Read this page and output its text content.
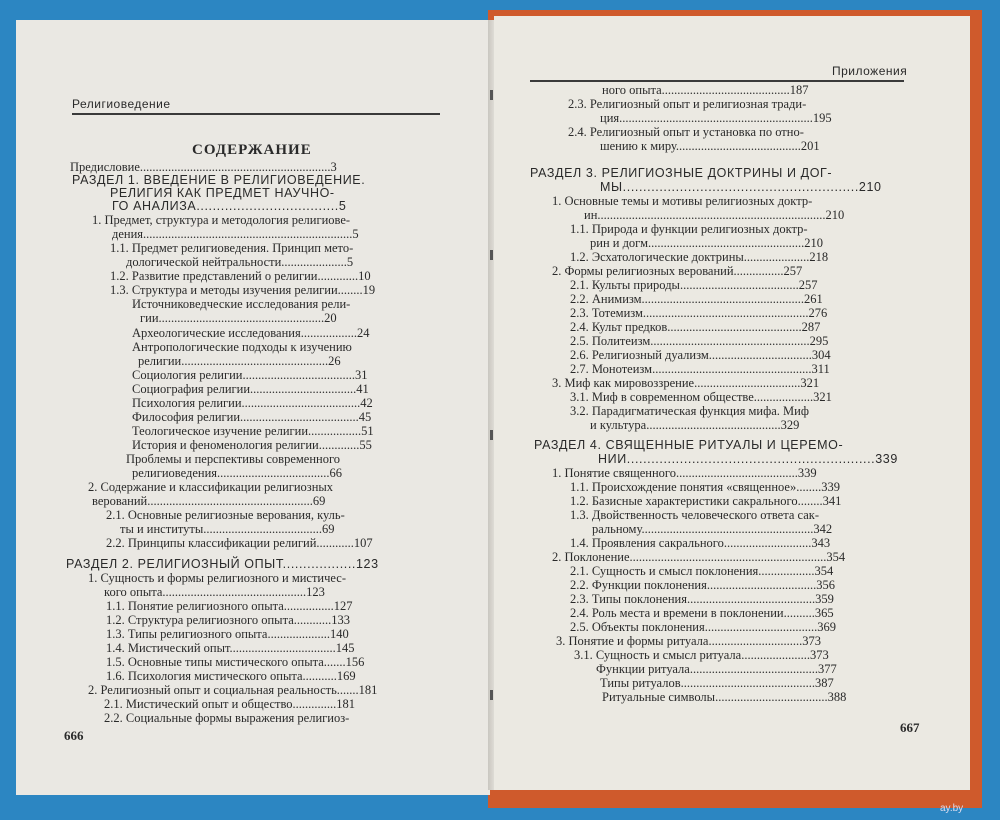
Религиоведение
СОДЕРЖАНИЕ
Предисловие.............................................................3
РАЗДЕЛ 1. ВВЕДЕНИЕ В РЕЛИГИОВЕДЕНИЕ.
РЕЛИГИЯ КАК ПРЕДМЕТ НАУЧНО-
ГО АНАЛИЗА...................................5
1. Предмет, структура и методология религиове-
дения...................................................................5
1.1. Предмет религиоведения. Принцип мето-
дологической нейтральности.....................5
1.2. Развитие представлений о религии.............10
1.3. Структура и методы изучения религии........19
Источниковедческие исследования рели-
гии.....................................................20
Археологические исследования..................24
Антропологические подходы к изучению
религии...............................................26
Социология религии....................................31
Социография религии..................................41
Психология религии......................................42
Философия религии......................................45
Теологическое изучение религии.................51
История и феноменология религии.............55
Проблемы и перспективы современного
религиоведения....................................66
2. Содержание и классификации религиозных
верований.....................................................69
2.1. Основные религиозные верования, куль-
ты и институты......................................69
2.2. Принципы классификации религий............107
РАЗДЕЛ 2. РЕЛИГИОЗНЫЙ ОПЫТ..................123
1. Сущность и формы религиозного и мистичес-
кого опыта..............................................123
1.1. Понятие религиозного опыта................127
1.2. Структура религиозного опыта............133
1.3. Типы религиозного опыта....................140
1.4. Мистический опыт..................................145
1.5. Основные типы мистического опыта.......156
1.6. Психология мистического опыта...........169
2. Религиозный опыт и социальная реальность.......181
2.1. Мистический опыт и общество..............181
2.2. Социальные формы выражения религиоз-
666
Приложения
ного опыта.........................................187
2.3. Религиозный опыт и религиозная тради-
ция..............................................................195
2.4. Религиозный опыт и установка по отно-
шению к миру........................................201
РАЗДЕЛ 3. РЕЛИГИОЗНЫЕ ДОКТРИНЫ И ДОГ-
МЫ..........................................................210
1. Основные темы и мотивы религиозных доктр-
ин.........................................................................210
1.1. Природа и функции религиозных доктр-
рин и догм..................................................210
1.2. Эсхатологические доктрины.....................218
2. Формы религиозных верований................257
2.1. Культы природы......................................257
2.2. Анимизм....................................................261
2.3. Тотемизм.....................................................276
2.4. Культ предков...........................................287
2.5. Политеизм...................................................295
2.6. Религиозный дуализм.................................304
2.7. Монотеизм...................................................311
3. Миф как мировоззрение..................................321
3.1. Миф в современном обществе...................321
3.2. Парадигматическая функция мифа. Миф
и культура...........................................329
РАЗДЕЛ 4. СВЯЩЕННЫЕ РИТУАЛЫ И ЦЕРЕМО-
НИИ.............................................................339
1. Понятие священного.......................................339
1.1. Происхождение понятия «священное»........339
1.2. Базисные характеристики сакрального........341
1.3. Двойственность человеческого ответа сак-
ральному.......................................................342
1.4. Проявления сакрального............................343
2. Поклонение...............................................................354
2.1. Сущность и смысл поклонения..................354
2.2. Функции поклонения...................................356
2.3. Типы поклонения.........................................359
2.4. Роль места и времени в поклонении..........365
2.5. Объекты поклонения....................................369
3. Понятие и формы ритуала..............................373
3.1. Сущность и смысл ритуала......................373
Функции ритуала.........................................377
Типы ритуалов...........................................387
Ритуальные символы....................................388
667
ay.by
